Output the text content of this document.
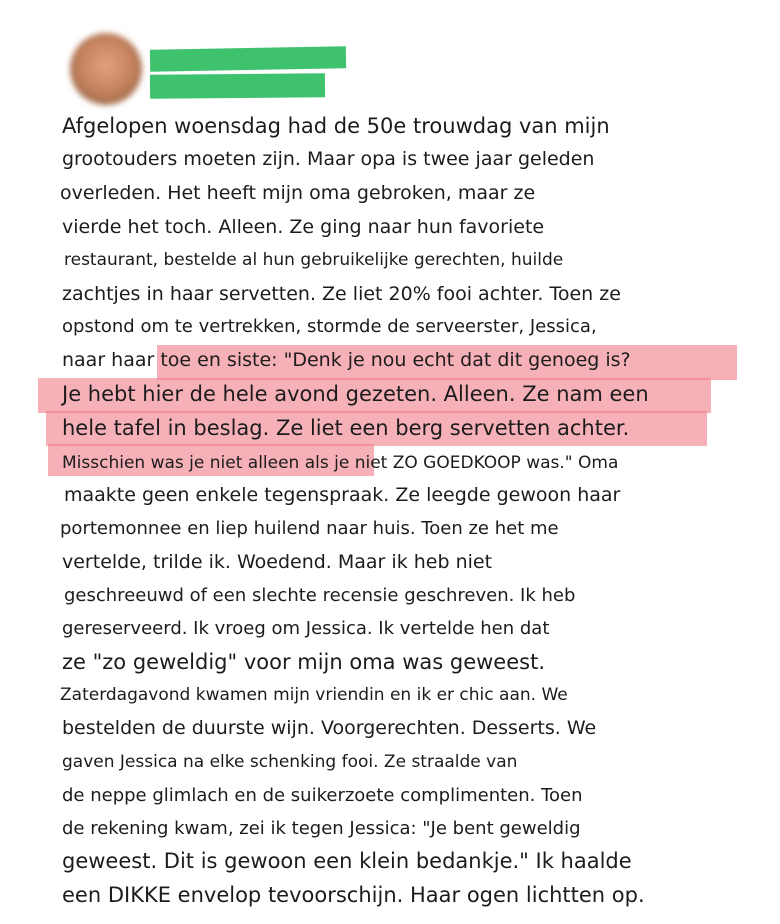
Afgelopen woensdag had de 50e trouwdag van mijn
grootouders moeten zijn. Maar opa is twee jaar geleden
overleden. Het heeft mijn oma gebroken, maar ze
vierde het toch. Alleen. Ze ging naar hun favoriete
restaurant, bestelde al hun gebruikelijke gerechten, huilde
zachtjes in haar servetten. Ze liet 20% fooi achter. Toen ze
opstond om te vertrekken, stormde de serveerster, Jessica,
naar haar toe en siste: "Denk je nou echt dat dit genoeg is?
Je hebt hier de hele avond gezeten. Alleen. Ze nam een
hele tafel in beslag. Ze liet een berg servetten achter.
Misschien was je niet alleen als je niet ZO GOEDKOOP was." Oma
maakte geen enkele tegenspraak. Ze leegde gewoon haar
portemonnee en liep huilend naar huis. Toen ze het me
vertelde, trilde ik. Woedend. Maar ik heb niet
geschreeuwd of een slechte recensie geschreven. Ik heb
gereserveerd. Ik vroeg om Jessica. Ik vertelde hen dat
ze "zo geweldig" voor mijn oma was geweest.
Zaterdagavond kwamen mijn vriendin en ik er chic aan. We
bestelden de duurste wijn. Voorgerechten. Desserts. We
gaven Jessica na elke schenking fooi. Ze straalde van
de neppe glimlach en de suikerzoete complimenten. Toen
de rekening kwam, zei ik tegen Jessica: "Je bent geweldig
geweest. Dit is gewoon een klein bedankje." Ik haalde
een DIKKE envelop tevoorschijn. Haar ogen lichtten op.
